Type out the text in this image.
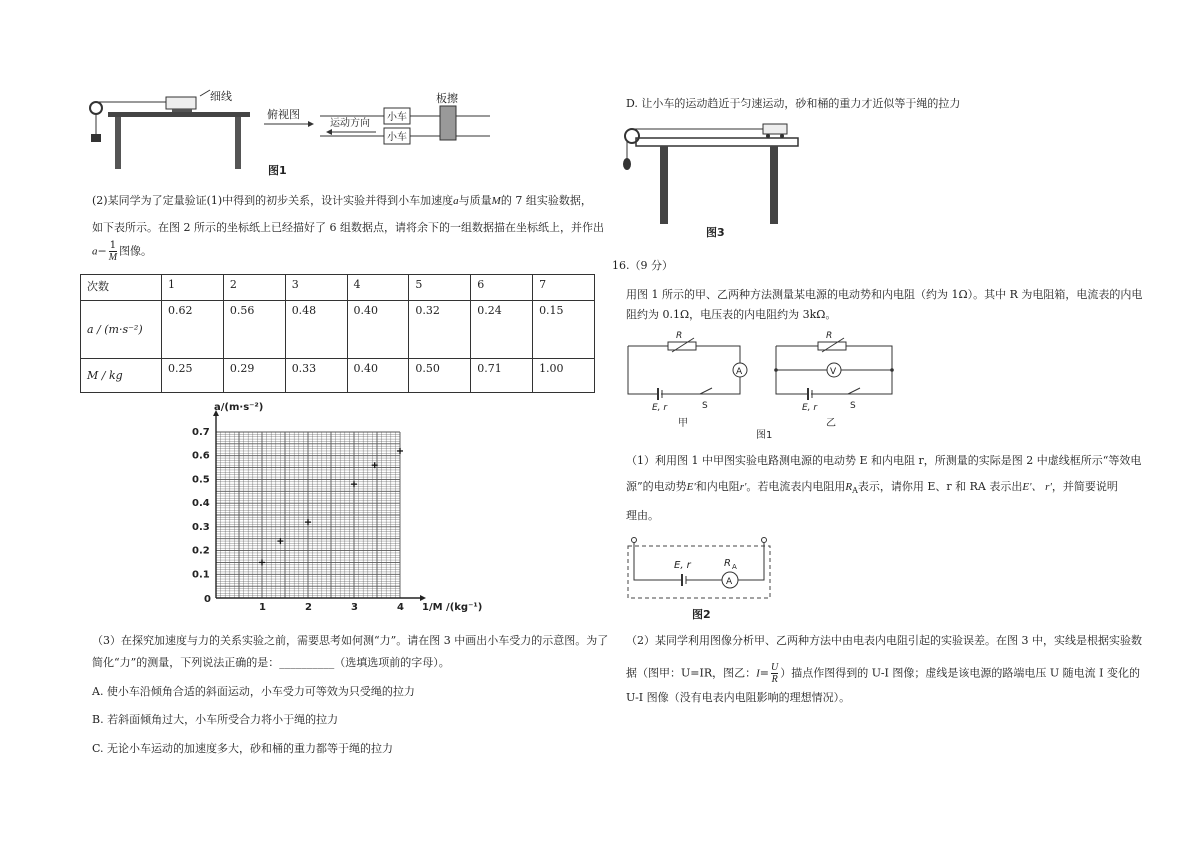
细线
俯视图	小车
小车
运动方向
板擦
图1
(2)某同学为了定量验证(1)中得到的初步关系，设计实验并得到小车加速度a与质量M的 7 组实验数据，
如下表所示。在图 2 所示的坐标纸上已经描好了 6 组数据点，请将余下的一组数据描在坐标纸上，并作出
$a- \frac{1}{M}$ 图像。
次数	1	2	3	4	5	6	7
a / (m·s⁻²)	0.62	0.56	0.48	0.40	0.32	0.24	0.15
M / kg	0.25	0.29	0.33	0.40	0.50	0.71	1.00
1	2	3	4
0.1
0.2
0.3
0.4
0.5
0.6
0.7
a/(m·s⁻²)
1/M /(kg⁻¹)
0
（3）在探究加速度与力的关系实验之前，需要思考如何测“力”。请在图 3 中画出小车受力的示意图。为了
简化“力”的测量，下列说法正确的是：__________（选填选项前的字母）。
A. 使小车沿倾角合适的斜面运动，小车受力可等效为只受绳的拉力
B. 若斜面倾角过大，小车所受合力将小于绳的拉力
C. 无论小车运动的加速度多大，砂和桶的重力都等于绳的拉力
D. 让小车的运动趋近于匀速运动，砂和桶的重力才近似等于绳的拉力
图3
16.（9 分）
用图 1 所示的甲、乙两种方法测量某电源的电动势和内电阻（约为 1Ω）。其中 R 为电阻箱，电流表的内电
阻约为 0.1Ω，电压表的内电阻约为 3kΩ。
R
A
E, r	S
甲
R
V
E, r	S
乙
图1
（1）利用图 1 中甲图实验电路测电源的电动势 E 和内电阻 r，所测量的实际是图 2 中虚线框所示“等效电
源”的电动势E'和内电阻r'。若电流表内电阻用$R_A$表示，请你用 E、r 和 RA 表示出E'、 r'，并简要说明
理由。
A
E, r	R A
图2
（2）某同学利用图像分析甲、乙两种方法中由电表内电阻引起的实验误差。在图 3 中，实线是根据实验数
据（图甲：U=IR，图乙：$I= \frac{U}{R}$ ）描点作图得到的 U-I 图像；虚线是该电源的路端电压 U 随电流 I 变化的
U-I 图像（没有电表内电阻影响的理想情况）。
